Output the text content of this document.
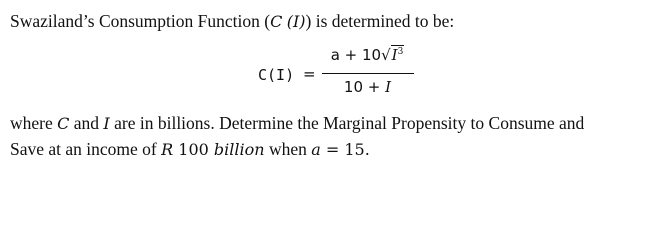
Swaziland’s Consumption Function (C (I)) is determined to be:
C(I) =
$a + 10√I^3$
10 + I
where C and I are in billions. Determine the Marginal Propensity to Consume and
Save at an income of R 100 billion when a = 15.
